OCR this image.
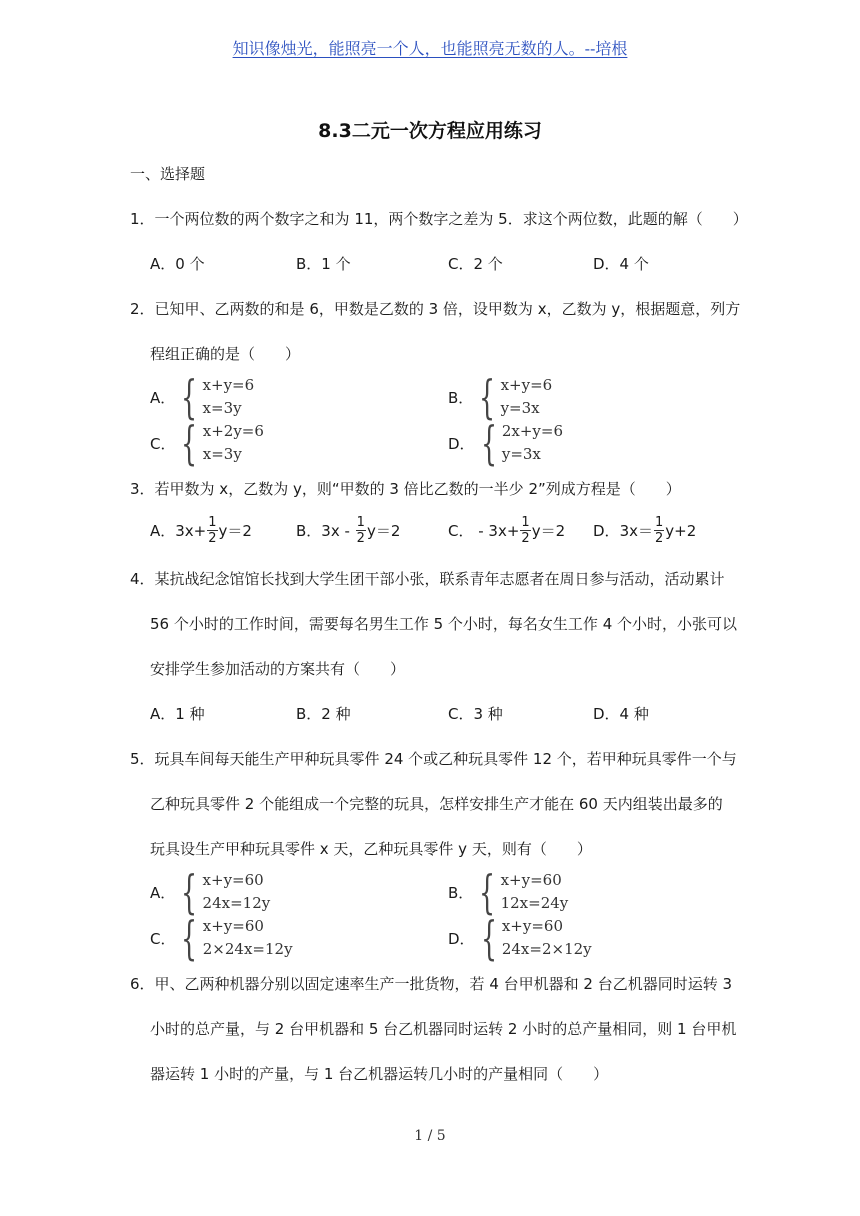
知识像烛光，能照亮一个人，也能照亮无数的人。--培根
8.3二元一次方程应用练习
一、选择题
1．一个两位数的两个数字之和为 11，两个数字之差为 5．求这个两位数，此题的解（　　）
A．0 个	B．1 个	C．2 个	D．4 个
2．已知甲、乙两数的和是 6，甲数是乙数的 3 倍，设甲数为 x，乙数为 y，根据题意，列方
程组正确的是（　　）
A． { x+y=6
x=3y
B． { x+y=6
y=3x
C． { x+2y=6
x=3y
D． { 2x+y=6
y=3x
3．若甲数为 x，乙数为 y，则“甲数的 3 倍比乙数的一半少 2”列成方程是（　　）
A． $3x+ \frac{1}{2} y=2$	B． $3x - \frac{1}{2} y=2$	C． - $3x+ \frac{1}{2} y=2$ D． $3x= \frac{1}{2} y+2$
4．某抗战纪念馆馆长找到大学生团干部小张，联系青年志愿者在周日参与活动，活动累计
56 个小时的工作时间，需要每名男生工作 5 个小时，每名女生工作 4 个小时，小张可以
安排学生参加活动的方案共有（　　）
A．1 种	B．2 种	C．3 种	D．4 种
5．玩具车间每天能生产甲种玩具零件 24 个或乙种玩具零件 12 个，若甲种玩具零件一个与
乙种玩具零件 2 个能组成一个完整的玩具，怎样安排生产才能在 60 天内组装出最多的
玩具设生产甲种玩具零件 x 天，乙种玩具零件 y 天，则有（　　）
A． { x+y=60
24x=12y
B． { x+y=60
12x=24y
C． { x+y=60
2×24x=12y
D． { x+y=60
24x=2×12y
6．甲、乙两种机器分别以固定速率生产一批货物，若 4 台甲机器和 2 台乙机器同时运转 3
小时的总产量，与 2 台甲机器和 5 台乙机器同时运转 2 小时的总产量相同，则 1 台甲机
器运转 1 小时的产量，与 1 台乙机器运转几小时的产量相同（　　）
1 / 5
